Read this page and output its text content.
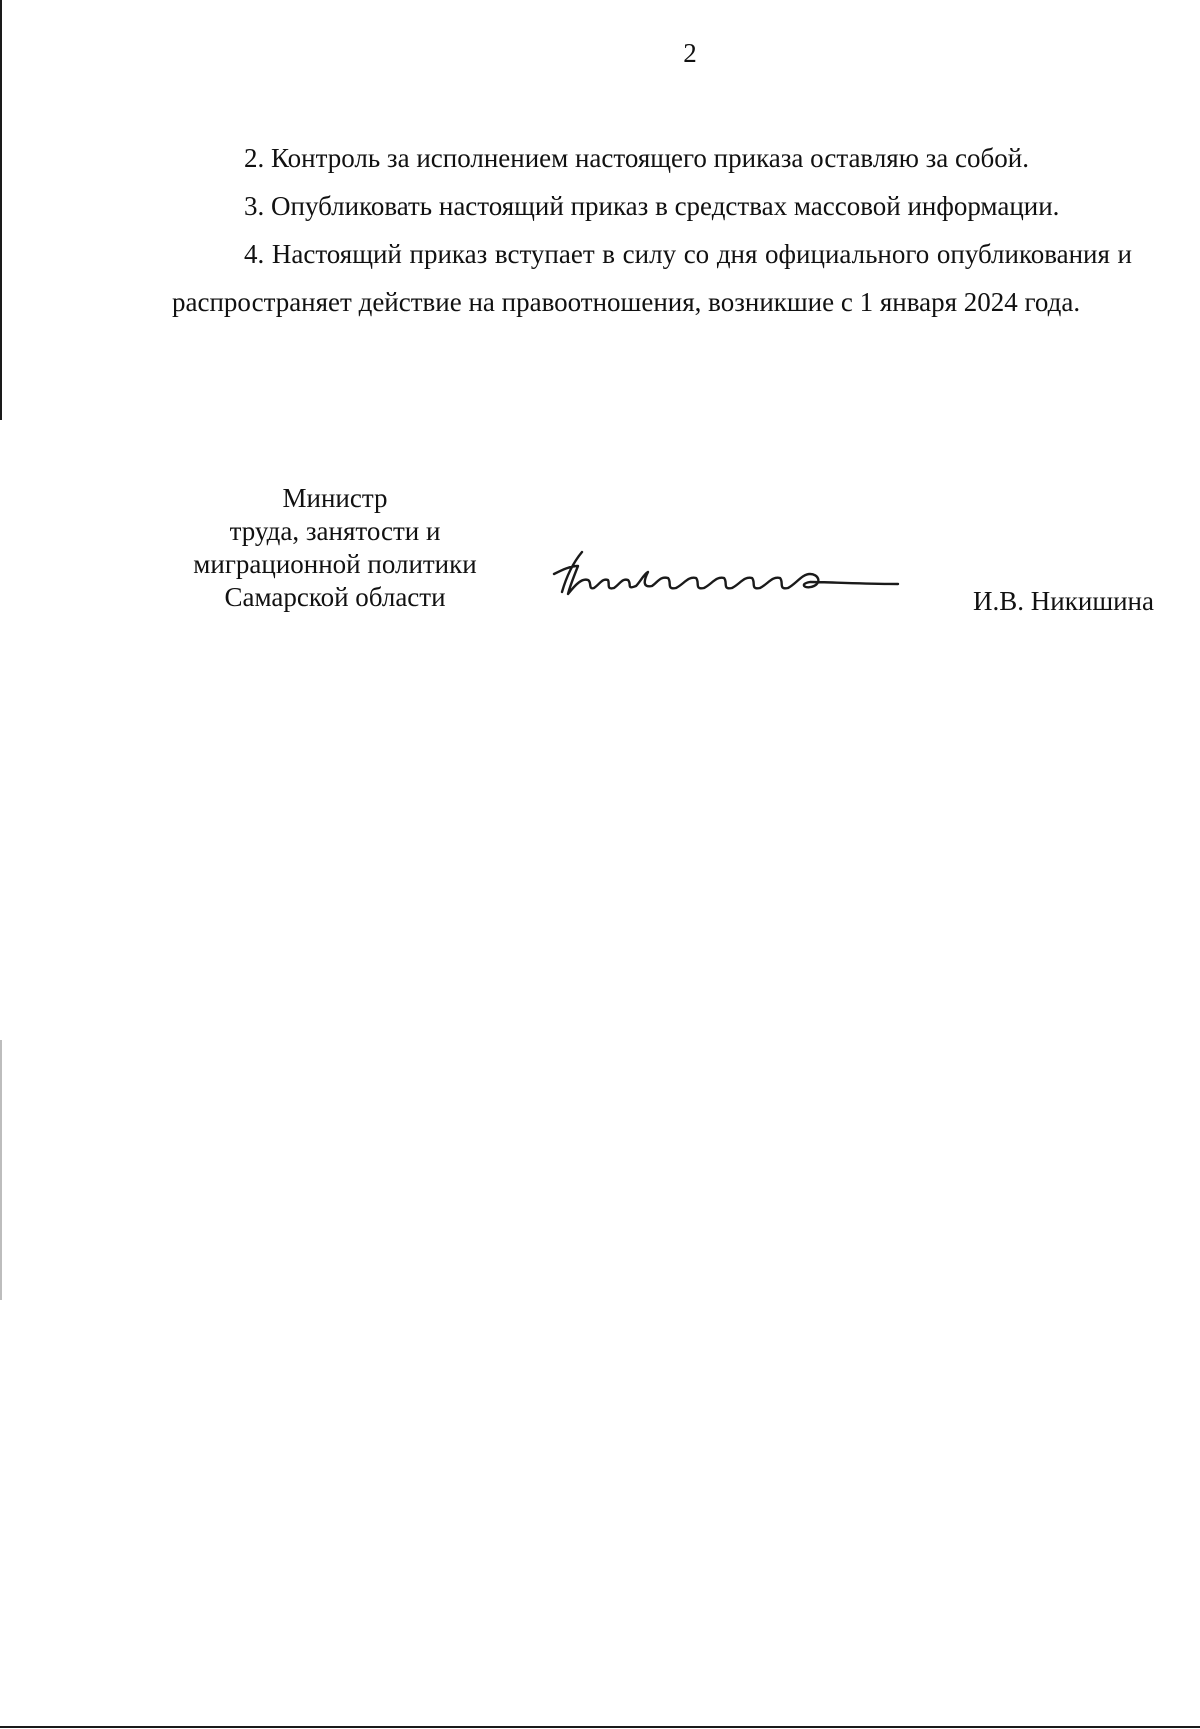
2

2. Контроль за исполнением настоящего приказа оставляю за собой.

3. Опубликовать настоящий приказ в средствах массовой информации.

4. Настоящий приказ вступает в силу со дня официального опубликования и распространяет действие на правоотношения, возникшие с 1 января 2024 года.

Министр
труда, занятости и
миграционной политики
Самарской области	И.В. Никишина
